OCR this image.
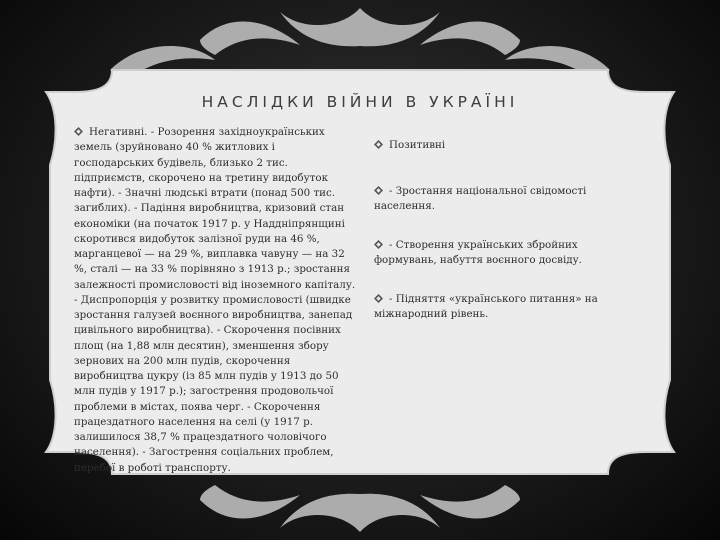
НАСЛІДКИ ВІЙНИ В УКРАЇНІ
Негативні. - Розорення західноукраїнських земель (зруйновано 40 % житлових і господарських будівель, близько 2 тис. підприємств, скорочено на третину видобуток нафти). - Значні людські втрати (понад 500 тис. загиблих). - Падіння виробництва, кризовий стан економіки (на початок 1917 р. у Наддніпрянщині скоротився видобуток залізної руди на 46 %, марганцевої — на 29 %, виплавка чавуну — на 32 %, сталі — на 33 % порівняно з 1913 р.; зростання залежності промисловості від іноземного капіталу. - Диспропорція у розвитку промисловості (швидке зростання галузей воєнного виробництва, занепад цивільного виробництва). - Скорочення посівних площ (на 1,88 млн десятин), зменшення збору зернових на 200 млн пудів, скорочення виробництва цукру (із 85 млн пудів у 1913 до 50 млн пудів у 1917 р.); загострення продовольчої проблеми в містах, поява черг. - Скорочення працездатного населення на селі (у 1917 р. залишилося 38,7 % працездатного чоловічого населення). - Загострення соціальних проблем, перебої в роботі транспорту.
Позитивні
- Зростання національної свідомості населення.
- Створення українських збройних формувань, набуття воєнного досвіду.
- Підняття «українського питання» на міжнародний рівень.
